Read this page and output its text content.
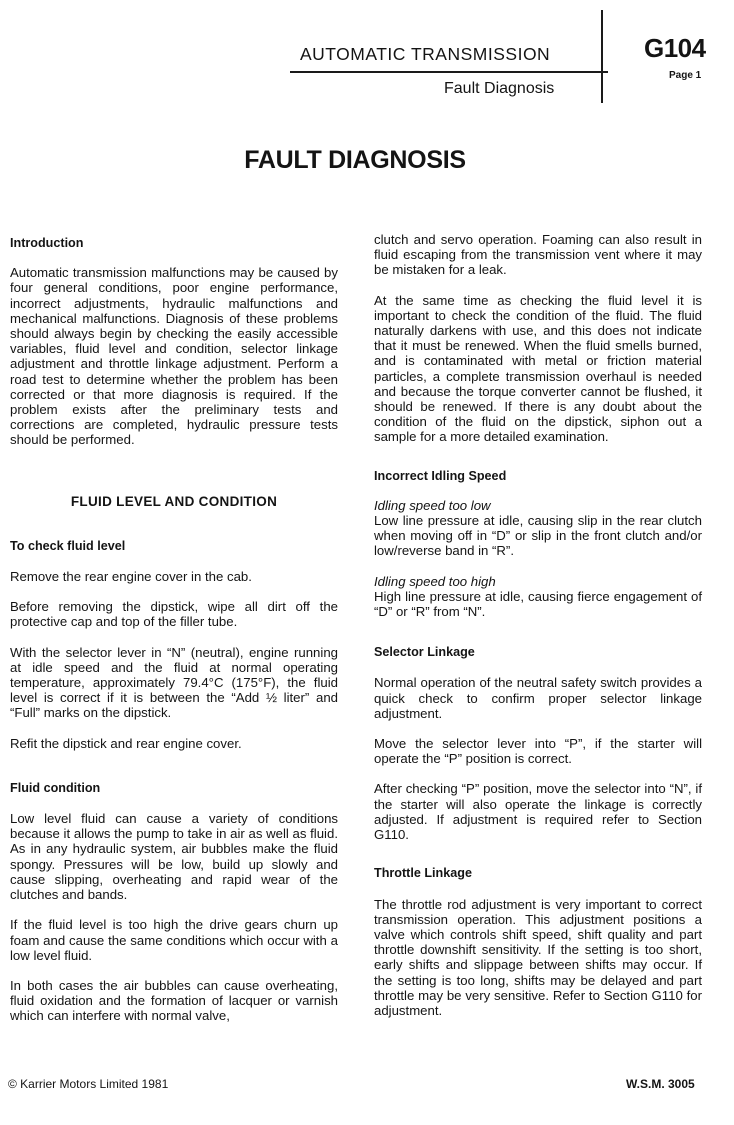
AUTOMATIC TRANSMISSION
Fault Diagnosis
G104
Page 1
FAULT DIAGNOSIS

Introduction

Automatic transmission malfunctions may be caused by four general conditions, poor engine performance, incorrect adjustments, hydraulic malfunctions and mechanical malfunctions. Diagnosis of these problems should always begin by checking the easily accessible variables, fluid level and condition, selector linkage adjustment and throttle linkage adjustment. Perform a road test to determine whether the problem has been corrected or that more diagnosis is required. If the problem exists after the preliminary tests and corrections are completed, hydraulic pressure tests should be performed.

FLUID LEVEL AND CONDITION

To check fluid level

Remove the rear engine cover in the cab.

Before removing the dipstick, wipe all dirt off the protective cap and top of the filler tube.

With the selector lever in “N” (neutral), engine running at idle speed and the fluid at normal operating temperature, approximately 79.4°C (175°F), the fluid level is correct if it is between the “Add ½ liter” and “Full” marks on the dipstick.

Refit the dipstick and rear engine cover.

Fluid condition

Low level fluid can cause a variety of conditions because it allows the pump to take in air as well as fluid. As in any hydraulic system, air bubbles make the fluid spongy. Pressures will be low, build up slowly and cause slipping, overheating and rapid wear of the clutches and bands.

If the fluid level is too high the drive gears churn up foam and cause the same conditions which occur with a low level fluid.

In both cases the air bubbles can cause overheating, fluid oxidation and the formation of lacquer or varnish which can interfere with normal valve,

clutch and servo operation. Foaming can also result in fluid escaping from the transmission vent where it may be mistaken for a leak.

At the same time as checking the fluid level it is important to check the condition of the fluid. The fluid naturally darkens with use, and this does not indicate that it must be renewed. When the fluid smells burned, and is contaminated with metal or friction material particles, a complete transmission overhaul is needed and because the torque converter cannot be flushed, it should be renewed. If there is any doubt about the condition of the fluid on the dipstick, siphon out a sample for a more detailed examination.

Incorrect Idling Speed

Idling speed too low

Low line pressure at idle, causing slip in the rear clutch when moving off in “D” or slip in the front clutch and/or low/reverse band in “R”.

Idling speed too high

High line pressure at idle, causing fierce engagement of “D” or “R” from “N”.

Selector Linkage

Normal operation of the neutral safety switch provides a quick check to confirm proper selector linkage adjustment.

Move the selector lever into “P”, if the starter will operate the “P” position is correct.

After checking “P” position, move the selector into “N”, if the starter will also operate the linkage is correctly adjusted. If adjustment is required refer to Section G110.

Throttle Linkage

The throttle rod adjustment is very important to correct transmission operation. This adjustment positions a valve which controls shift speed, shift quality and part throttle downshift sensitivity. If the setting is too short, early shifts and slippage between shifts may occur. If the setting is too long, shifts may be delayed and part throttle may be very sensitive. Refer to Section G110 for adjustment.

© Karrier Motors Limited 1981	W.S.M. 3005
